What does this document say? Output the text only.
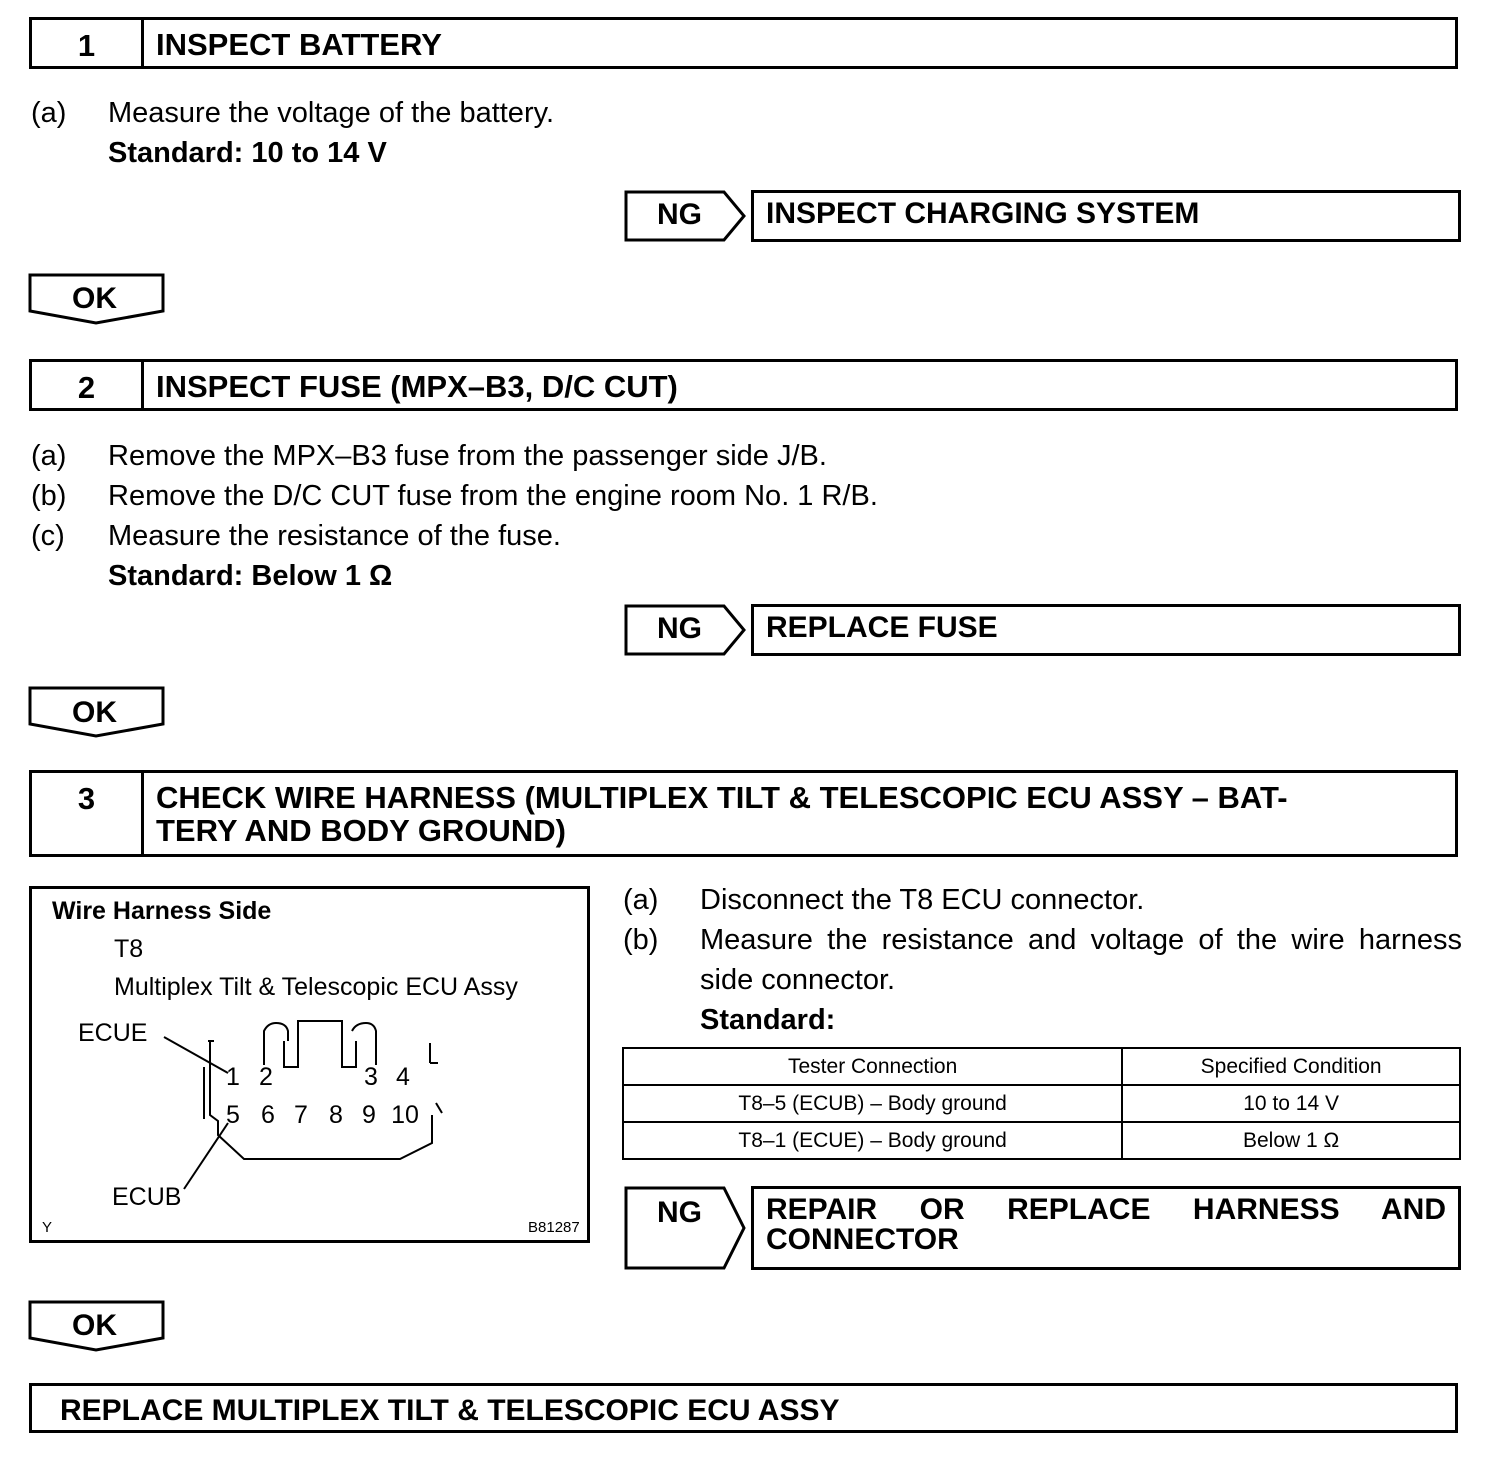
1	INSPECT BATTERY
(a) Measure the voltage of the battery.
Standard: 10 to 14 V
NG	INSPECT CHARGING SYSTEM
OK
2	INSPECT FUSE (MPX–B3, D/C CUT)
(a) Remove the MPX–B3 fuse from the passenger side J/B.
(b) Remove the D/C CUT fuse from the engine room No. 1 R/B.
(c) Measure the resistance of the fuse.
Standard: Below 1 Ω
NG	REPLACE FUSE
OK
3	CHECK WIRE HARNESS (MULTIPLEX TILT & TELESCOPIC ECU ASSY – BAT-
TERY AND BODY GROUND)
Wire Harness Side
T8
Multiplex Tilt & Telescopic ECU Assy
ECUE
ECUB
1 2	3 4
5 6 7 8 9 10
Y	B81287
(a) Disconnect the T8 ECU connector.
(b) Measure the resistance and voltage of the wire harness
side connector.
Standard:
Tester Connection	Specified Condition
T8–5 (ECUB) – Body ground	10 to 14 V
T8–1 (ECUE) – Body ground	Below 1 Ω
NG	REPAIR OR REPLACE HARNESS AND CONNECTOR
OK
REPLACE MULTIPLEX TILT & TELESCOPIC ECU ASSY
